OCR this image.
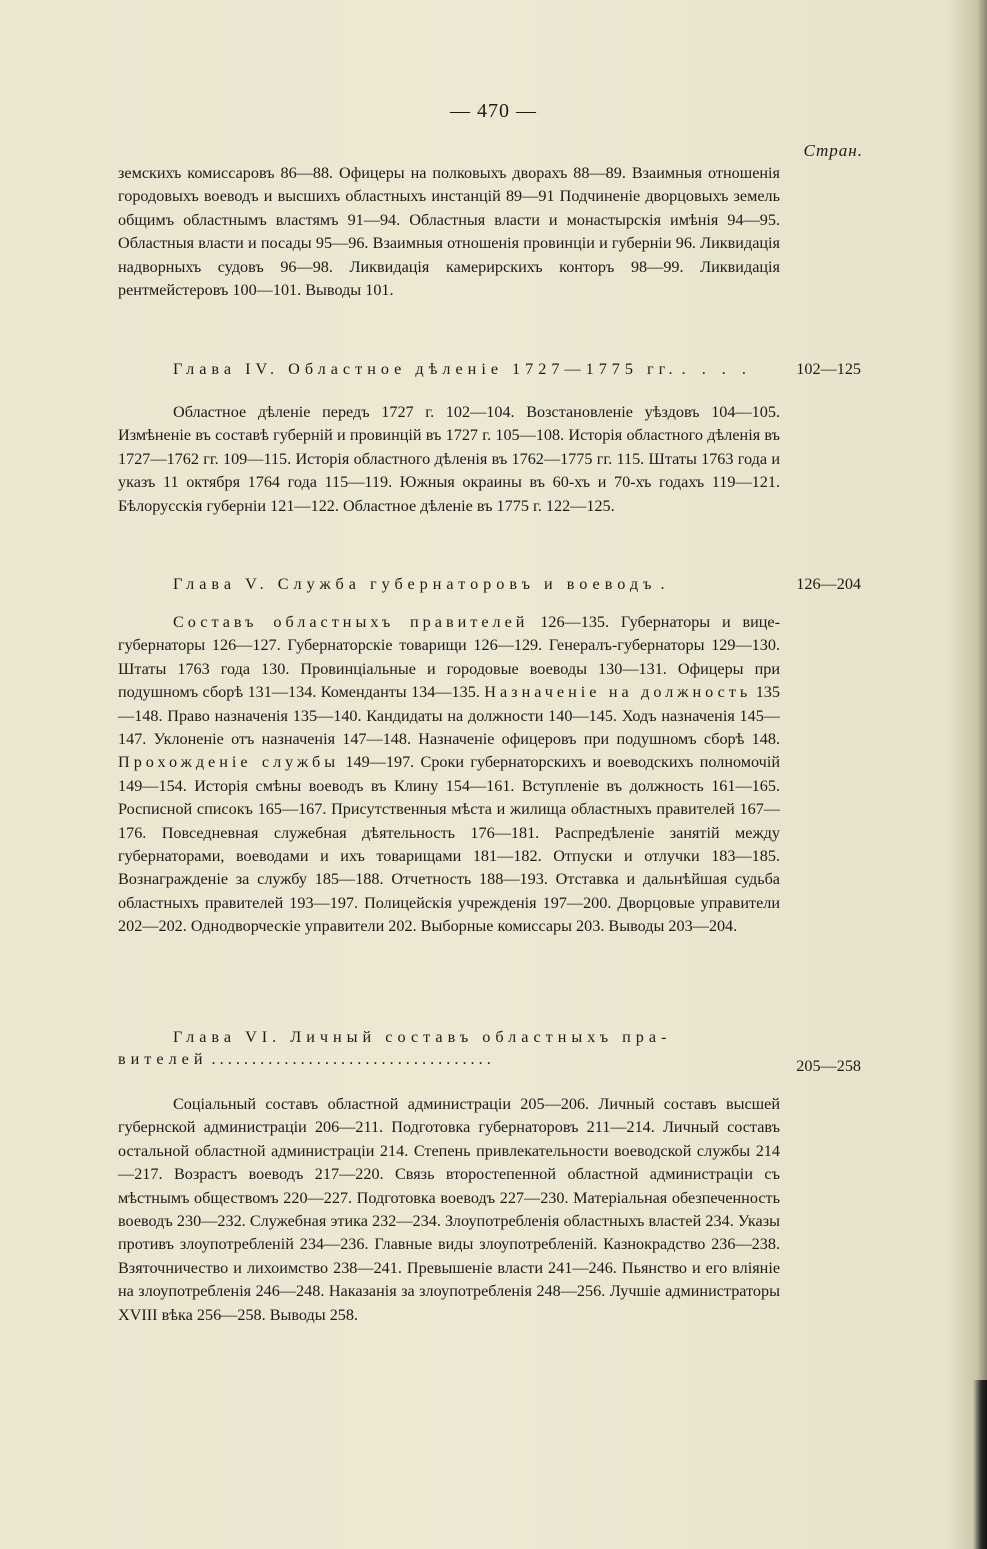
— 470 —
Стран.
земскихъ комиссаровъ 86—88. Офицеры на полковыхъ дворахъ 88—89. Взаимныя отношенія городовыхъ воеводъ и высшихъ областныхъ инстанцій 89—91 Подчиненіе дворцовыхъ земель общимъ областнымъ властямъ 91—94. Областныя власти и монастырскія имѣнія 94—95. Областныя власти и посады 95—96. Взаимныя отношенія провинціи и губерніи 96. Ликвидація надворныхъ судовъ 96—98. Ликвидація камерирскихъ конторъ 98—99. Ликвидація рентмейстеровъ 100—101. Выводы 101.
Глава IV. Областное дѣленіе 1727—1775 гг. . . . .	102—125
Областное дѣленіе передъ 1727 г. 102—104. Возстановленіе уѣздовъ 104—105. Измѣненіе въ составѣ губерній и провинцій въ 1727 г. 105—108. Исторія областного дѣленія въ 1727—1762 гг. 109—115. Исторія областного дѣленія въ 1762—1775 гг. 115. Штаты 1763 года и указъ 11 октября 1764 года 115—119. Южныя окраины въ 60-хъ и 70-хъ годахъ 119—121. Бѣлорусскія губерніи 121—122. Областное дѣленіе въ 1775 г. 122—125.
Глава V. Служба губернаторовъ и воеводъ .	126—204
Составъ областныхъ правителей 126—135. Губернаторы и вице-губернаторы 126—127. Губернаторскіе товарищи 126—129. Генералъ-губернаторы 129—130. Штаты 1763 года 130. Провинціальные и городовые воеводы 130—131. Офицеры при подушномъ сборѣ 131—134. Коменданты 134—135. Назначеніе на должность 135—148. Право назначенія 135—140. Кандидаты на должности 140—145. Ходъ назначенія 145—147. Уклоненіе отъ назначенія 147—148. Назначеніе офицеровъ при подушномъ сборѣ 148. Прохожденіе службы 149—197. Сроки губернаторскихъ и воеводскихъ полномочій 149—154. Исторія смѣны воеводъ въ Клину 154—161. Вступленіе въ должность 161—165. Росписной списокъ 165—167. Присутственныя мѣста и жилища областныхъ правителей 167—176. Повседневная служебная дѣятельность 176—181. Распредѣленіе занятій между губернаторами, воеводами и ихъ товарищами 181—182. Отпуски и отлучки 183—185. Вознагражденіе за службу 185—188. Отчетность 188—193. Отставка и дальнѣйшая судьба областныхъ правителей 193—197. Полицейскія учрежденія 197—200. Дворцовые управители 202—202. Однодворческіе управители 202. Выборные комиссары 203. Выводы 203—204.
Глава VI. Личный составъ областныхъ пра-
вителей . . . . . . . . . . . . . . . . . . . . . . . . . . . . . . . . . . .	205—258
Соціальный составъ областной администраціи 205—206. Личный составъ высшей губернской администраціи 206—211. Подготовка губернаторовъ 211—214. Личный составъ остальной областной администраціи 214. Степень привлекательности воеводской службы 214—217. Возрастъ воеводъ 217—220. Связь второстепенной областной администраціи съ мѣстнымъ обществомъ 220—227. Подготовка воеводъ 227—230. Матеріальная обезпеченность воеводъ 230—232. Служебная этика 232—234. Злоупотребленія областныхъ властей 234. Указы противъ злоупотребленій 234—236. Главные виды злоупотребленій. Казнокрадство 236—238. Взяточничество и лихоимство 238—241. Превышеніе власти 241—246. Пьянство и его вліяніе на злоупотребленія 246—248. Наказанія за злоупотребленія 248—256. Лучшіе администраторы XVIII вѣка 256—258. Выводы 258.
